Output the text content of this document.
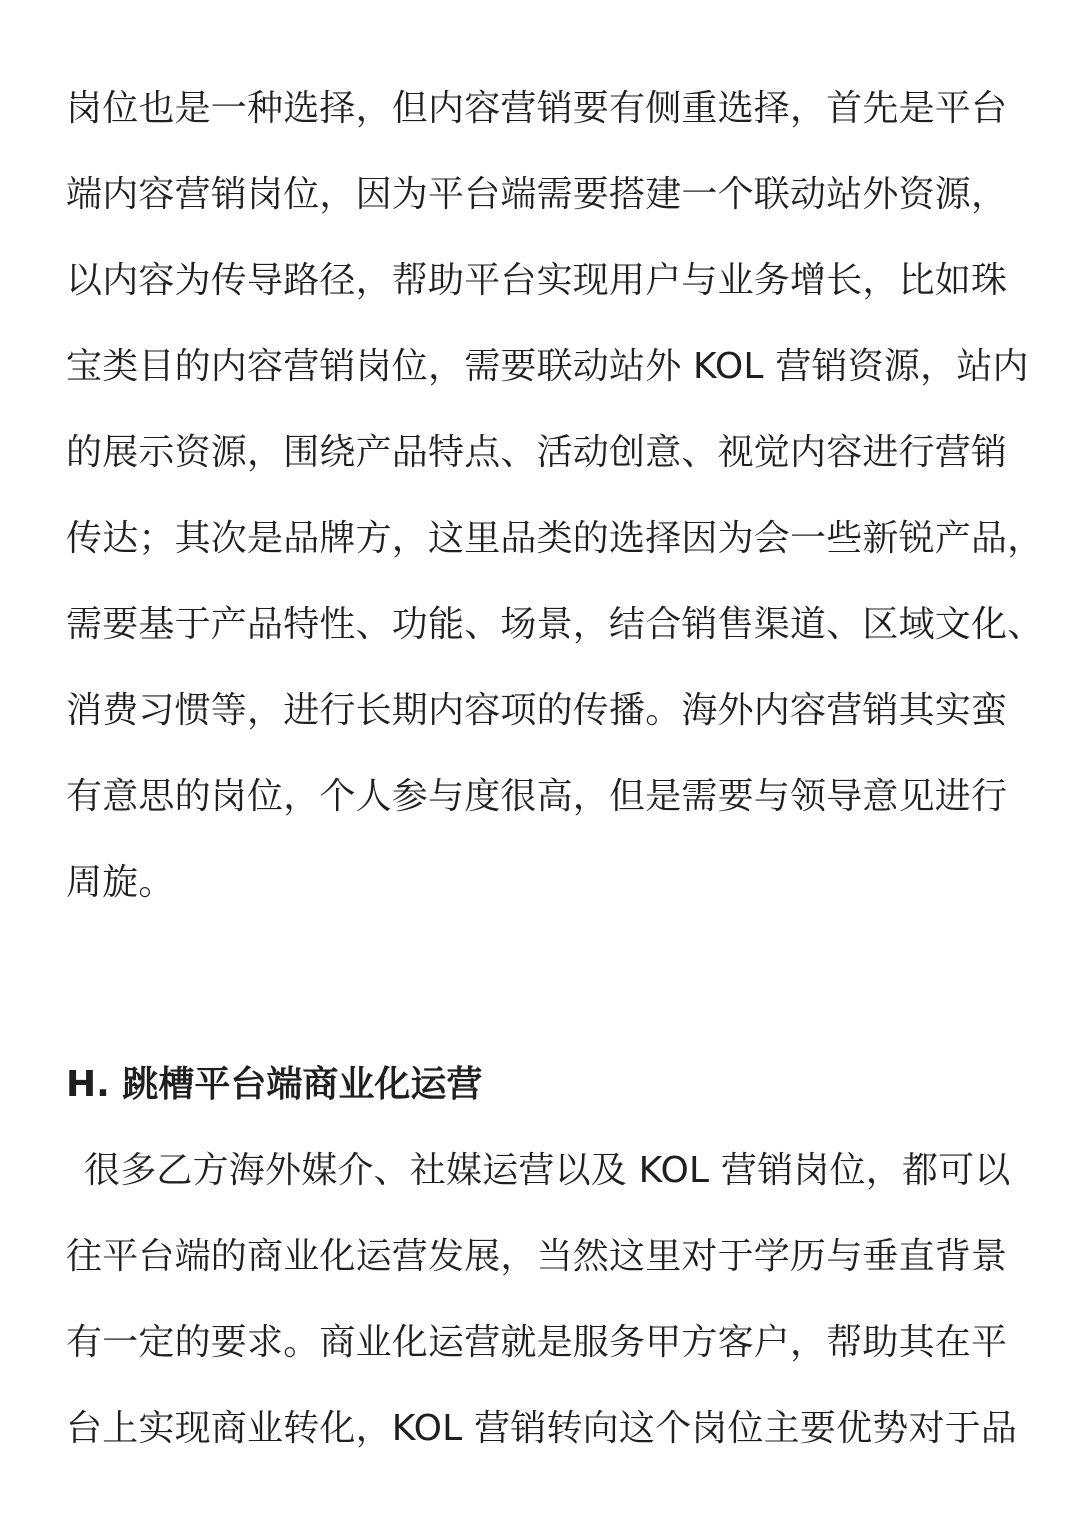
岗位也是一种选择，但内容营销要有侧重选择，首先是平台
端内容营销岗位，因为平台端需要搭建一个联动站外资源，
以内容为传导路径，帮助平台实现用户与业务增长，比如珠
宝类目的内容营销岗位，需要联动站外 KOL 营销资源，站内
的展示资源，围绕产品特点、活动创意、视觉内容进行营销
传达；其次是品牌方，这里品类的选择因为会一些新锐产品，
需要基于产品特性、功能、场景，结合销售渠道、区域文化、
消费习惯等，进行长期内容项的传播。海外内容营销其实蛮
有意思的岗位，个人参与度很高，但是需要与领导意见进行
周旋。
H. 跳槽平台端商业化运营
很多乙方海外媒介、社媒运营以及 KOL 营销岗位，都可以
往平台端的商业化运营发展，当然这里对于学历与垂直背景
有一定的要求。商业化运营就是服务甲方客户，帮助其在平
台上实现商业转化，KOL 营销转向这个岗位主要优势对于品
